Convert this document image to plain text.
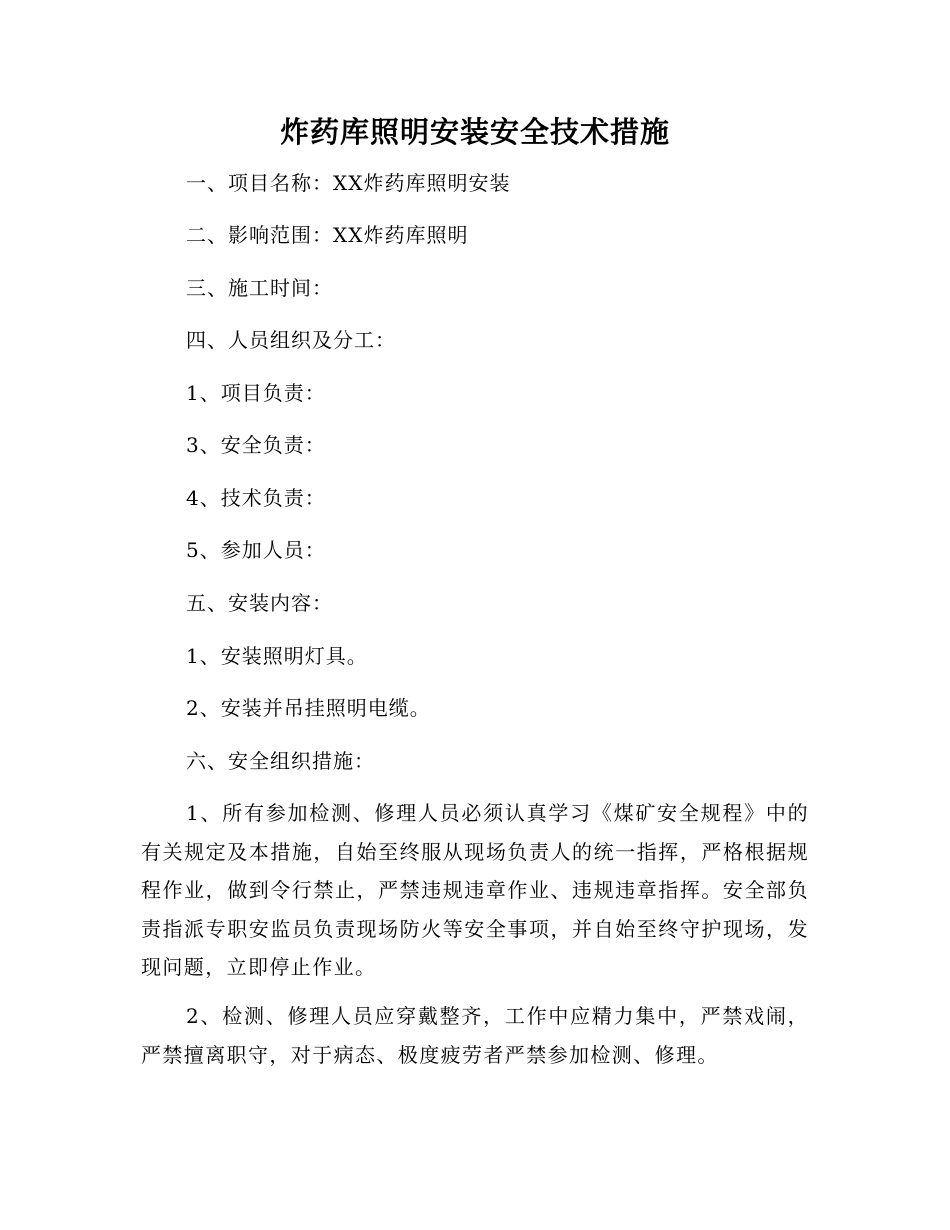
炸药库照明安装安全技术措施
一、项目名称：XX炸药库照明安装
二、影响范围：XX炸药库照明
三、施工时间：
四、人员组织及分工：
1、项目负责：
3、安全负责：
4、技术负责：
5、参加人员：
五、安装内容：
1、安装照明灯具。
2、安装并吊挂照明电缆。
六、安全组织措施：
1、所有参加检测、修理人员必须认真学习《煤矿安全规程》中的有关规定及本措施，自始至终服从现场负责人的统一指挥，严格根据规程作业，做到令行禁止，严禁违规违章作业、违规违章指挥。安全部负责指派专职安监员负责现场防火等安全事项，并自始至终守护现场，发现问题，立即停止作业。
2、检测、修理人员应穿戴整齐，工作中应精力集中，严禁戏闹，严禁擅离职守，对于病态、极度疲劳者严禁参加检测、修理。
